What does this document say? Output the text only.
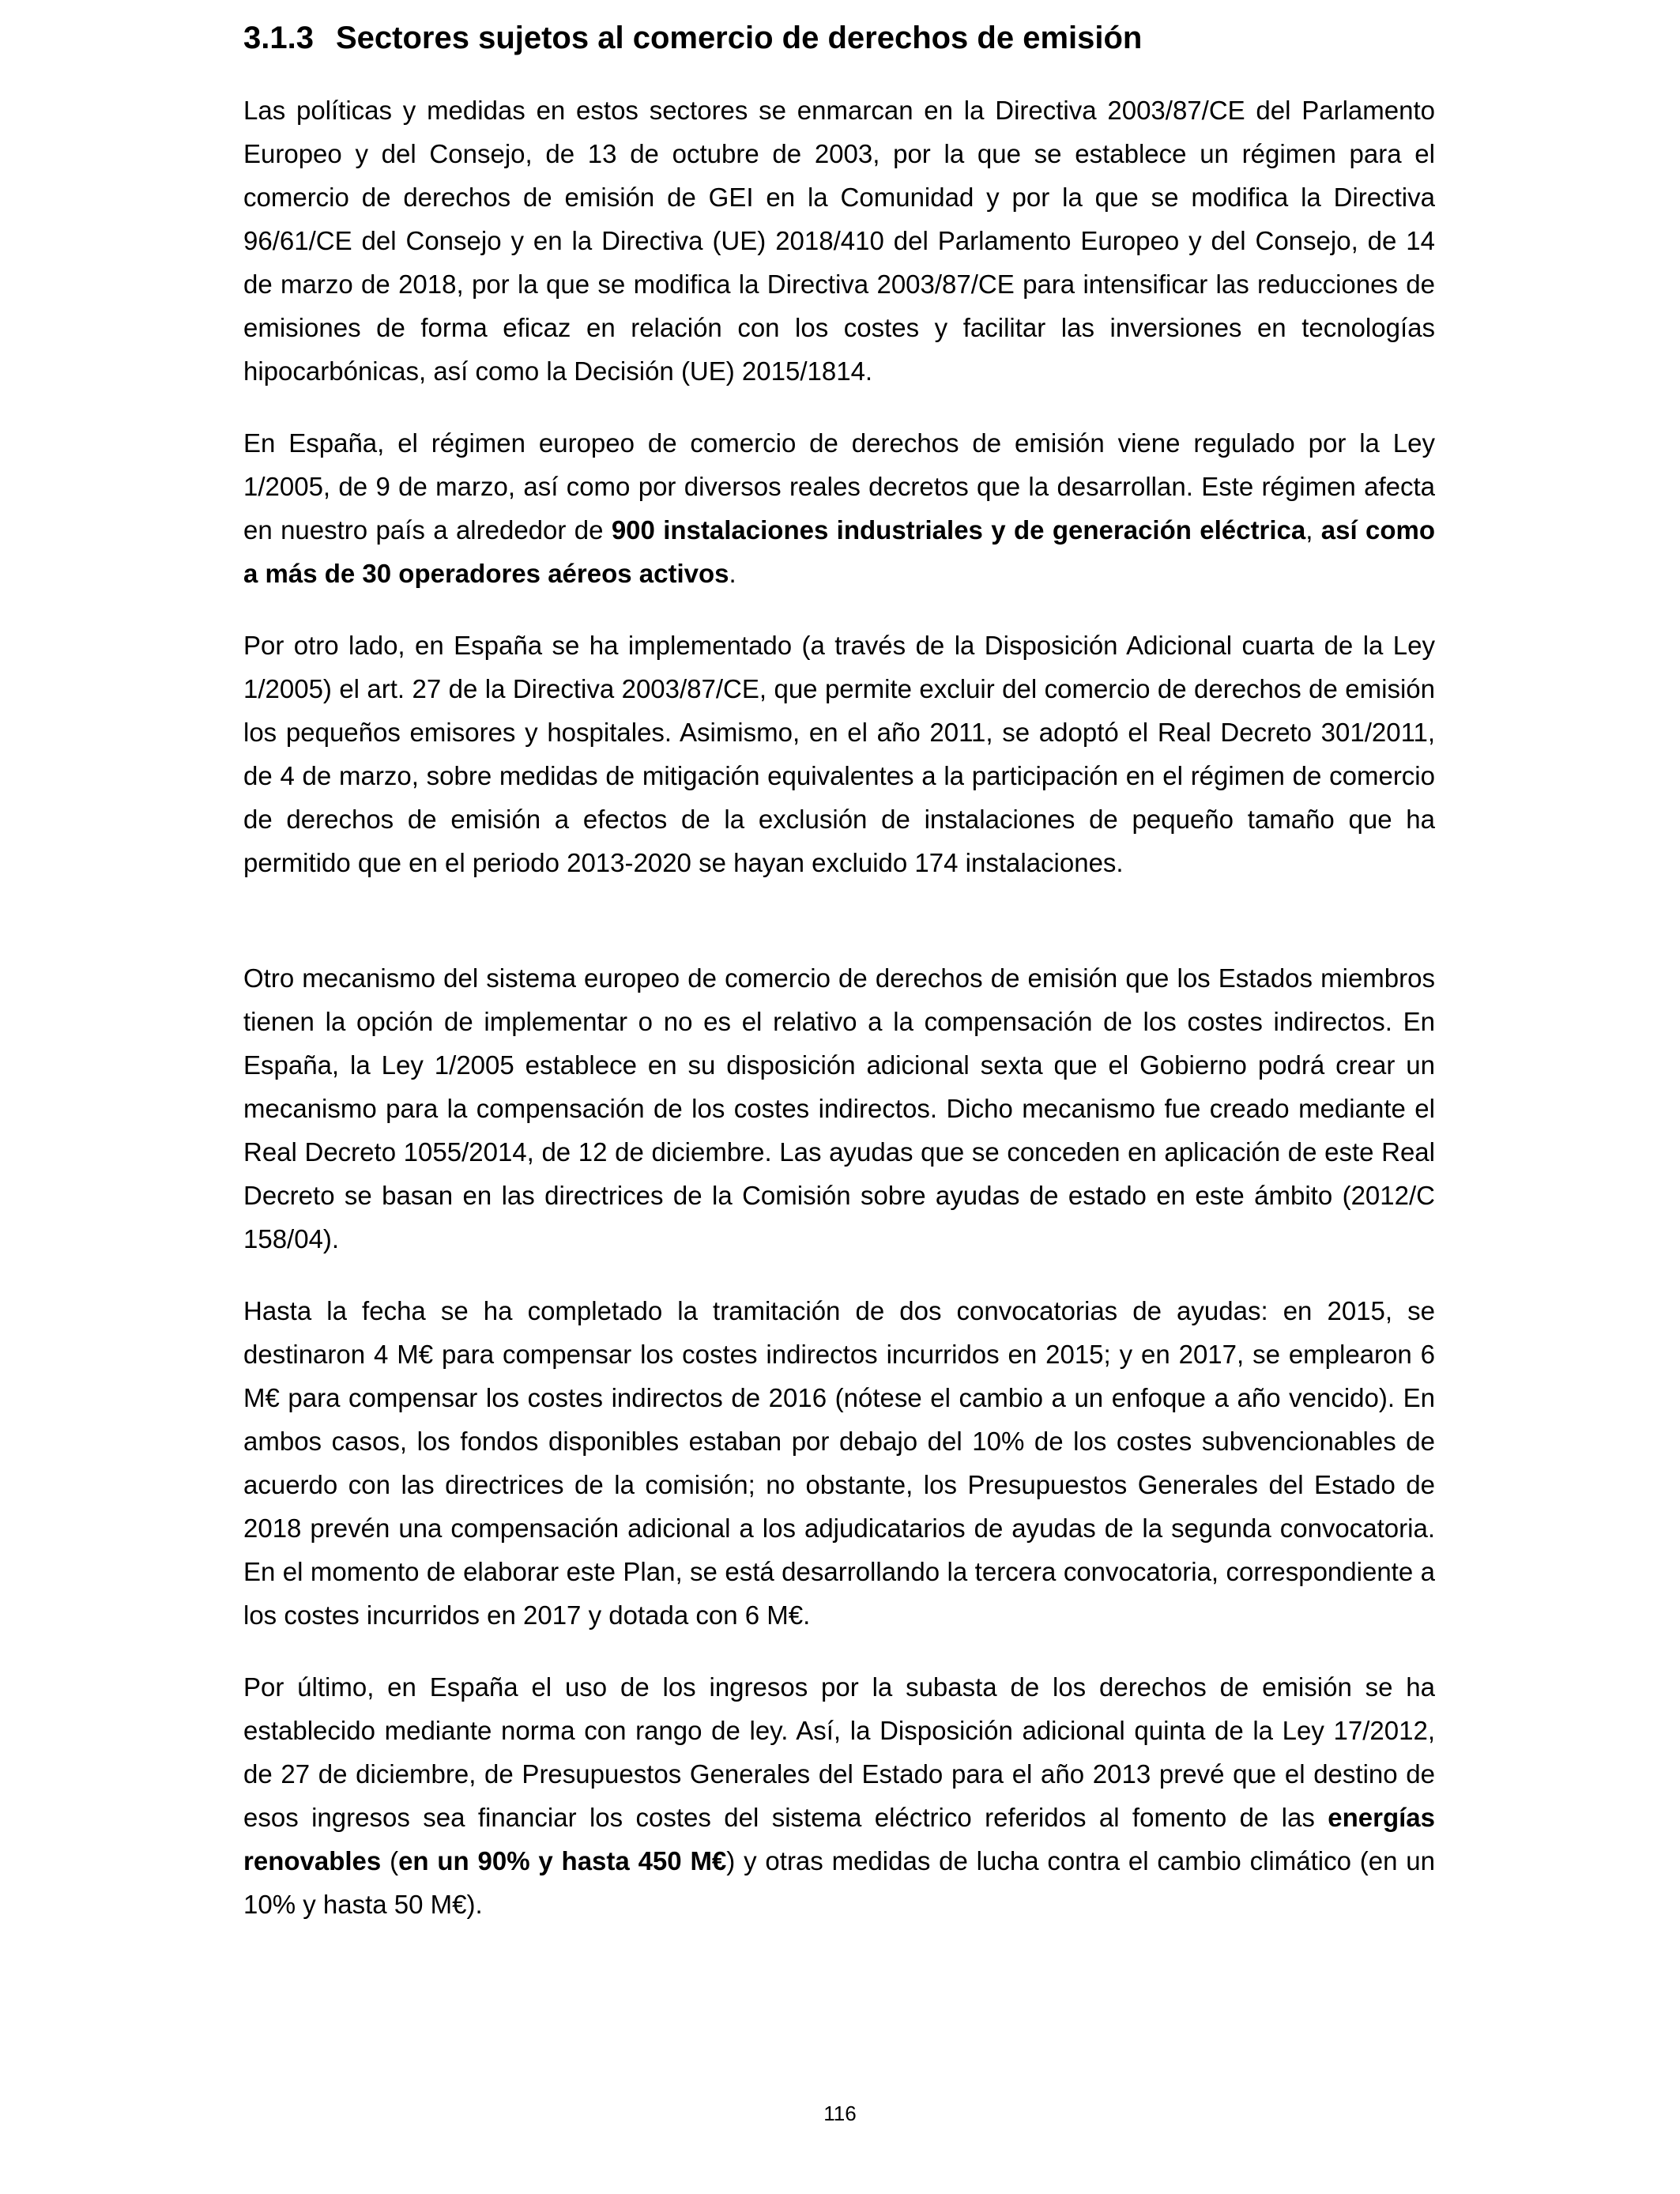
3.1.3 Sectores sujetos al comercio de derechos de emisión

Las políticas y medidas en estos sectores se enmarcan en la Directiva 2003/87/CE del Parlamento Europeo y del Consejo, de 13 de octubre de 2003, por la que se establece un régimen para el comercio de derechos de emisión de GEI en la Comunidad y por la que se modifica la Directiva 96/61/CE del Consejo y en la Directiva (UE) 2018/410 del Parlamento Europeo y del Consejo, de 14 de marzo de 2018, por la que se modifica la Directiva 2003/87/CE para intensificar las reducciones de emisiones de forma eficaz en relación con los costes y facilitar las inversiones en tecnologías hipocarbónicas, así como la Decisión (UE) 2015/1814.

En España, el régimen europeo de comercio de derechos de emisión viene regulado por la Ley 1/2005, de 9 de marzo, así como por diversos reales decretos que la desarrollan. Este régimen afecta en nuestro país a alrededor de 900 instalaciones industriales y de generación eléctrica, así como a más de 30 operadores aéreos activos.

Por otro lado, en España se ha implementado (a través de la Disposición Adicional cuarta de la Ley 1/2005) el art. 27 de la Directiva 2003/87/CE, que permite excluir del comercio de derechos de emisión los pequeños emisores y hospitales. Asimismo, en el año 2011, se adoptó el Real Decreto 301/2011, de 4 de marzo, sobre medidas de mitigación equivalentes a la participación en el régimen de comercio de derechos de emisión a efectos de la exclusión de instalaciones de pequeño tamaño que ha permitido que en el periodo 2013-2020 se hayan excluido 174 instalaciones.

Otro mecanismo del sistema europeo de comercio de derechos de emisión que los Estados miembros tienen la opción de implementar o no es el relativo a la compensación de los costes indirectos. En España, la Ley 1/2005 establece en su disposición adicional sexta que el Gobierno podrá crear un mecanismo para la compensación de los costes indirectos. Dicho mecanismo fue creado mediante el Real Decreto 1055/2014, de 12 de diciembre. Las ayudas que se conceden en aplicación de este Real Decreto se basan en las directrices de la Comisión sobre ayudas de estado en este ámbito (2012/C 158/04).

Hasta la fecha se ha completado la tramitación de dos convocatorias de ayudas: en 2015, se destinaron 4 M€ para compensar los costes indirectos incurridos en 2015; y en 2017, se emplearon 6 M€ para compensar los costes indirectos de 2016 (nótese el cambio a un enfoque a año vencido). En ambos casos, los fondos disponibles estaban por debajo del 10% de los costes subvencionables de acuerdo con las directrices de la comisión; no obstante, los Presupuestos Generales del Estado de 2018 prevén una compensación adicional a los adjudicatarios de ayudas de la segunda convocatoria. En el momento de elaborar este Plan, se está desarrollando la tercera convocatoria, correspondiente a los costes incurridos en 2017 y dotada con 6 M€.

Por último, en España el uso de los ingresos por la subasta de los derechos de emisión se ha establecido mediante norma con rango de ley. Así, la Disposición adicional quinta de la Ley 17/2012, de 27 de diciembre, de Presupuestos Generales del Estado para el año 2013 prevé que el destino de esos ingresos sea financiar los costes del sistema eléctrico referidos al fomento de las energías renovables (en un 90% y hasta 450 M€) y otras medidas de lucha contra el cambio climático (en un 10% y hasta 50 M€).

116
